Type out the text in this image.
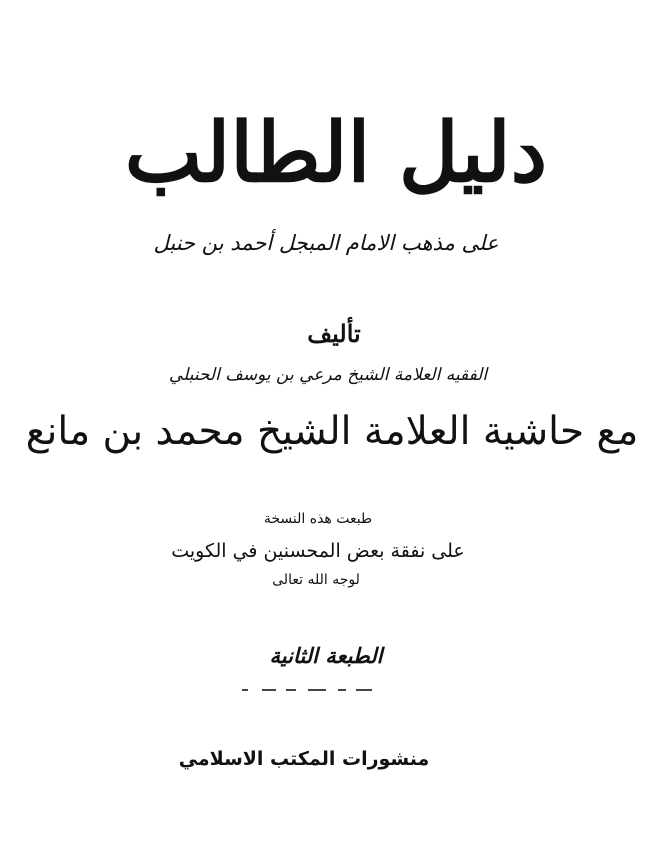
دليل الطالب
على مذهب الامام المبجل أحمد بن حنبل
تأليف
الفقيه العلامة الشيخ مرعي بن يوسف الحنبلي
مع حاشية العلامة الشيخ محمد بن مانع
طبعت هذه النسخة
على نفقة بعض المحسنين في الكويت
لوجه الله تعالى
الطبعة الثانية
منشورات المكتب الاسلامي
